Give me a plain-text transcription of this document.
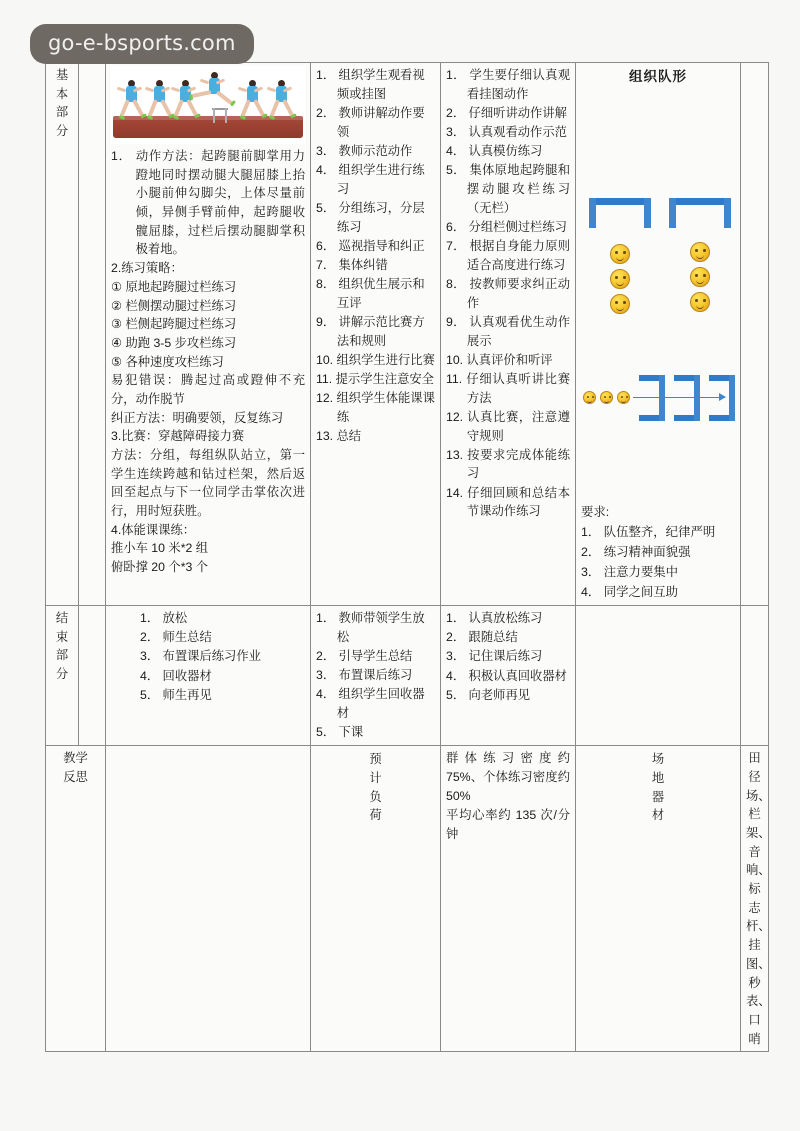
go-e-bsports.com
基
本
部
分

1． 动作方法：起跨腿前脚掌用力蹬地同时摆动腿大腿屈膝上抬小腿前伸勾脚尖，上体尽量前倾，异侧手臂前伸，起跨腿收髋屈膝，过栏后摆动腿脚掌积极着地。
2.练习策略：
① 原地起跨腿过栏练习
② 栏侧摆动腿过栏练习
③ 栏侧起跨腿过栏练习
④ 助跑 3-5 步攻栏练习
⑤ 各种速度攻栏练习
易犯错误：腾起过高或蹬伸不充分，动作脱节
纠正方法：明确要领，反复练习
3.比赛：穿越障碍接力赛
方法：分组，每组纵队站立，第一学生连续跨越和钻过栏架，然后返回至起点与下一位同学击掌依次进行，用时短获胜。
4.体能课课练：
推小车 10 米*2 组
俯卧撑 20 个*3 个

1． 组织学生观看视频或挂图
2． 教师讲解动作要领
3． 教师示范动作
4． 组织学生进行练习
5． 分组练习，分层练习
6． 巡视指导和纠正
7． 集体纠错
8． 组织优生展示和互评
9． 讲解示范比赛方法和规则
10. 组织学生进行比赛
11. 提示学生注意安全
12. 组织学生体能课课练
13. 总结

1． 学生要仔细认真观看挂图动作
2． 仔细听讲动作讲解
3． 认真观看动作示范
4． 认真模仿练习
5． 集体原地起跨腿和摆动腿攻栏练习（无栏）
6． 分组栏侧过栏练习
7． 根据自身能力原则适合高度进行练习
8． 按教师要求纠正动作
9． 认真观看优生动作展示
10. 认真评价和听评
11. 仔细认真听讲比赛方法
12. 认真比赛，注意遵守规则
13. 按要求完成体能练习
14. 仔细回顾和总结本节课动作练习

组织队形
要求:
1． 队伍整齐，纪律严明
2． 练习精神面貌强
3． 注意力要集中
4． 同学之间互助

结
束
部
分		1． 放松
2． 师生总结
3． 布置课后练习作业
4． 回收器材
5． 师生再见	1． 教师带领学生放松
2． 引导学生总结
3． 布置课后练习
4． 组织学生回收器材
5． 下课	1． 认真放松练习
2． 跟随总结
3． 记住课后练习
4． 积极认真回收器材
5． 向老师再见		

教学
反思			预
计
负
荷	群体练习密度约 75%、个体练习密度约 50%
平均心率约 135 次/分钟	场
地
器
材	田径场、栏架、音响、标志杆、挂图、秒表、口哨
